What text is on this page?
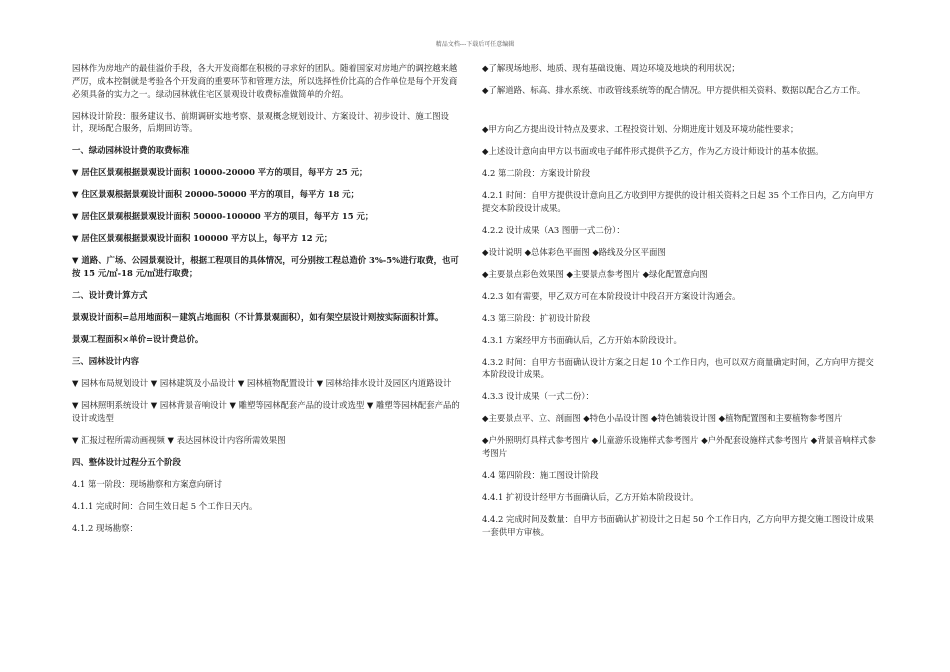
精品文档---下载后可任意编辑
园林作为房地产的最佳溢价手段，各大开发商都在积极的寻求好的团队。随着国家对房地产的调控越来越严厉，成本控制就是考验各个开发商的重要环节和管理方法，所以选择性价比高的合作单位是每个开发商必须具备的实力之一。绿动园林就住宅区景观设计收费标准做简单的介绍。
园林设计阶段：服务建议书、前期调研实地考察、景观概念规划设计、方案设计、初步设计、施工图设计，现场配合服务，后期回访等。
一、绿动园林设计费的取费标准
▼ 居住区景观根据景观设计面积 10000-20000 平方的项目，每平方 25 元；
▼ 住区景观根据景观设计面积 20000-50000 平方的项目，每平方 18 元；
▼ 居住区景观根据景观设计面积 50000-100000 平方的项目，每平方 15 元；
▼ 居住区景观根据景观设计面积 100000 平方以上，每平方 12 元；
▼ 道路、广场、公园景观设计，根据工程项目的具体情况，可分别按工程总造价 3%-5%进行取费，也可按 15 元/㎡-18 元/㎡进行取费；
二、设计费计算方式
景观设计面积=总用地面积－建筑占地面积（不计算景观面积），如有架空层设计则按实际面积计算。
景观工程面积×单价=设计费总价。
三、园林设计内容
▼ 园林布局规划设计 ▼ 园林建筑及小品设计 ▼ 园林植物配置设计 ▼ 园林给排水设计及园区内道路设计
▼ 园林照明系统设计 ▼ 园林背景音响设计 ▼ 雕塑等园林配套产品的设计或选型 ▼ 雕塑等园林配套产品的设计或选型
▼ 汇报过程所需动画视频 ▼ 表达园林设计内容所需效果图
四、整体设计过程分五个阶段
4.1 第一阶段：现场勘察和方案意向研讨
4.1.1 完成时间：合同生效日起 5 个工作日天内。
4.1.2 现场勘察：
◆了解现场地形、地质、现有基础设施、周边环境及地块的利用状况；
◆了解道路、标高、排水系统、市政管线系统等的配合情况。甲方提供相关资料、数据以配合乙方工作。
◆甲方向乙方提出设计特点及要求、工程投资计划、分期进度计划及环境功能性要求；
◆上述设计意向由甲方以书面或电子邮件形式提供予乙方，作为乙方设计师设计的基本依据。
4.2 第二阶段：方案设计阶段
4.2.1 时间：自甲方提供设计意向且乙方收到甲方提供的设计相关资料之日起 35 个工作日内，乙方向甲方提交本阶段设计成果。
4.2.2 设计成果（A3 图册一式二份）：
◆设计说明 ◆总体彩色平面图 ◆路线及分区平面图
◆主要景点彩色效果图 ◆主要景点参考图片 ◆绿化配置意向图
4.2.3 如有需要，甲乙双方可在本阶段设计中段召开方案设计沟通会。
4.3 第三阶段：扩初设计阶段
4.3.1 方案经甲方书面确认后，乙方开始本阶段设计。
4.3.2 时间：自甲方书面确认设计方案之日起 10 个工作日内，也可以双方商量确定时间，乙方向甲方提交本阶段设计成果。
4.3.3 设计成果（一式二份）：
◆主要景点平、立、剖面图 ◆特色小品设计图 ◆特色铺装设计图 ◆植物配置图和主要植物参考图片
◆户外照明灯具样式参考图片 ◆儿童游乐设施样式参考图片 ◆户外配套设施样式参考图片 ◆背景音响样式参考图片
4.4 第四阶段：施工图设计阶段
4.4.1 扩初设计经甲方书面确认后，乙方开始本阶段设计。
4.4.2 完成时间及数量：自甲方书面确认扩初设计之日起 50 个工作日内，乙方向甲方提交施工图设计成果一套供甲方审核。
